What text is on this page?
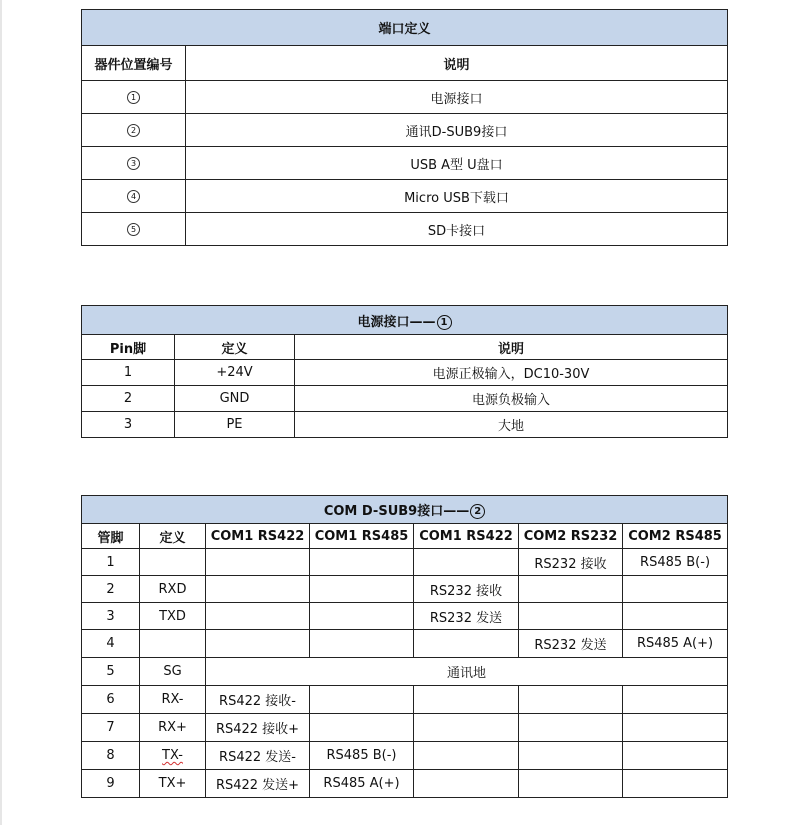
端口定义	
器件位置编号	说明
1	电源接口
2	通讯D-SUB9接口
3	USB A型 U盘口
4	Micro USB下载口
5	SD卡接口
电源接口—— 1		
Pin脚	定义	说明
1	+24V	电源正极输入，DC10-30V
2	GND	电源负极输入
3	PE	大地
COM D-SUB9接口—— 2						
管脚	定义	COM1 RS422	COM1 RS485	COM1 RS422	COM2 RS232	COM2 RS485
1					RS232 接收	RS485 B(-)
2	RXD			RS232 接收		
3	TXD			RS232 发送		
4					RS232 发送	RS485 A(+)
5	SG	通讯地				
6	RX-	RS422 接收-				
7	RX+	RS422 接收+				
8	TX-	RS422 发送-	RS485 B(-)			
9	TX+	RS422 发送+	RS485 A(+)			
